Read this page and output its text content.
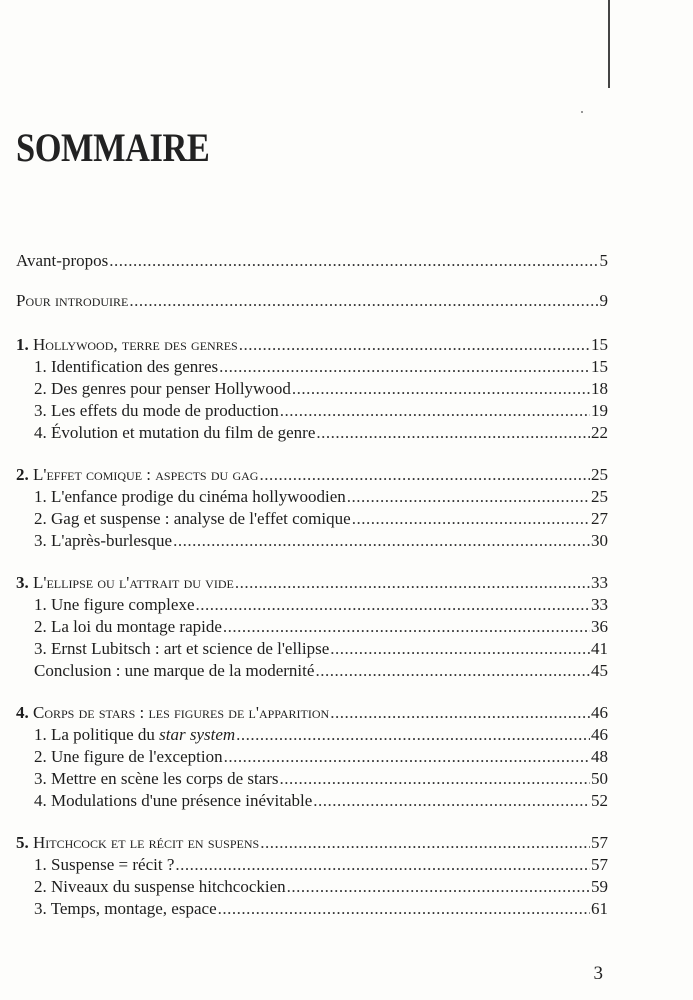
SOMMAIRE
Avant-propos .....	5
Pour introduire .....	9
1. Hollywood, terre des genres .....	15
1. Identification des genres .....	15
2. Des genres pour penser Hollywood .....	18
3. Les effets du mode de production .....	19
4. Évolution et mutation du film de genre .....	22
2. L'effet comique : aspects du gag .....	25
1. L'enfance prodige du cinéma hollywoodien .....	25
2. Gag et suspense : analyse de l'effet comique .....	27
3. L'après-burlesque .....	30
3. L'ellipse ou l'attrait du vide .....	33
1. Une figure complexe .....	33
2. La loi du montage rapide .....	36
3. Ernst Lubitsch : art et science de l'ellipse .....	41
Conclusion : une marque de la modernité .....	45
4. Corps de stars : les figures de l'apparition .....	46
1. La politique du star system .....	46
2. Une figure de l'exception .....	48
3. Mettre en scène les corps de stars .....	50
4. Modulations d'une présence inévitable .....	52
5. Hitchcock et le récit en suspens .....	57
1. Suspense = récit ? .....	57
2. Niveaux du suspense hitchcockien .....	59
3. Temps, montage, espace .....	61
3
